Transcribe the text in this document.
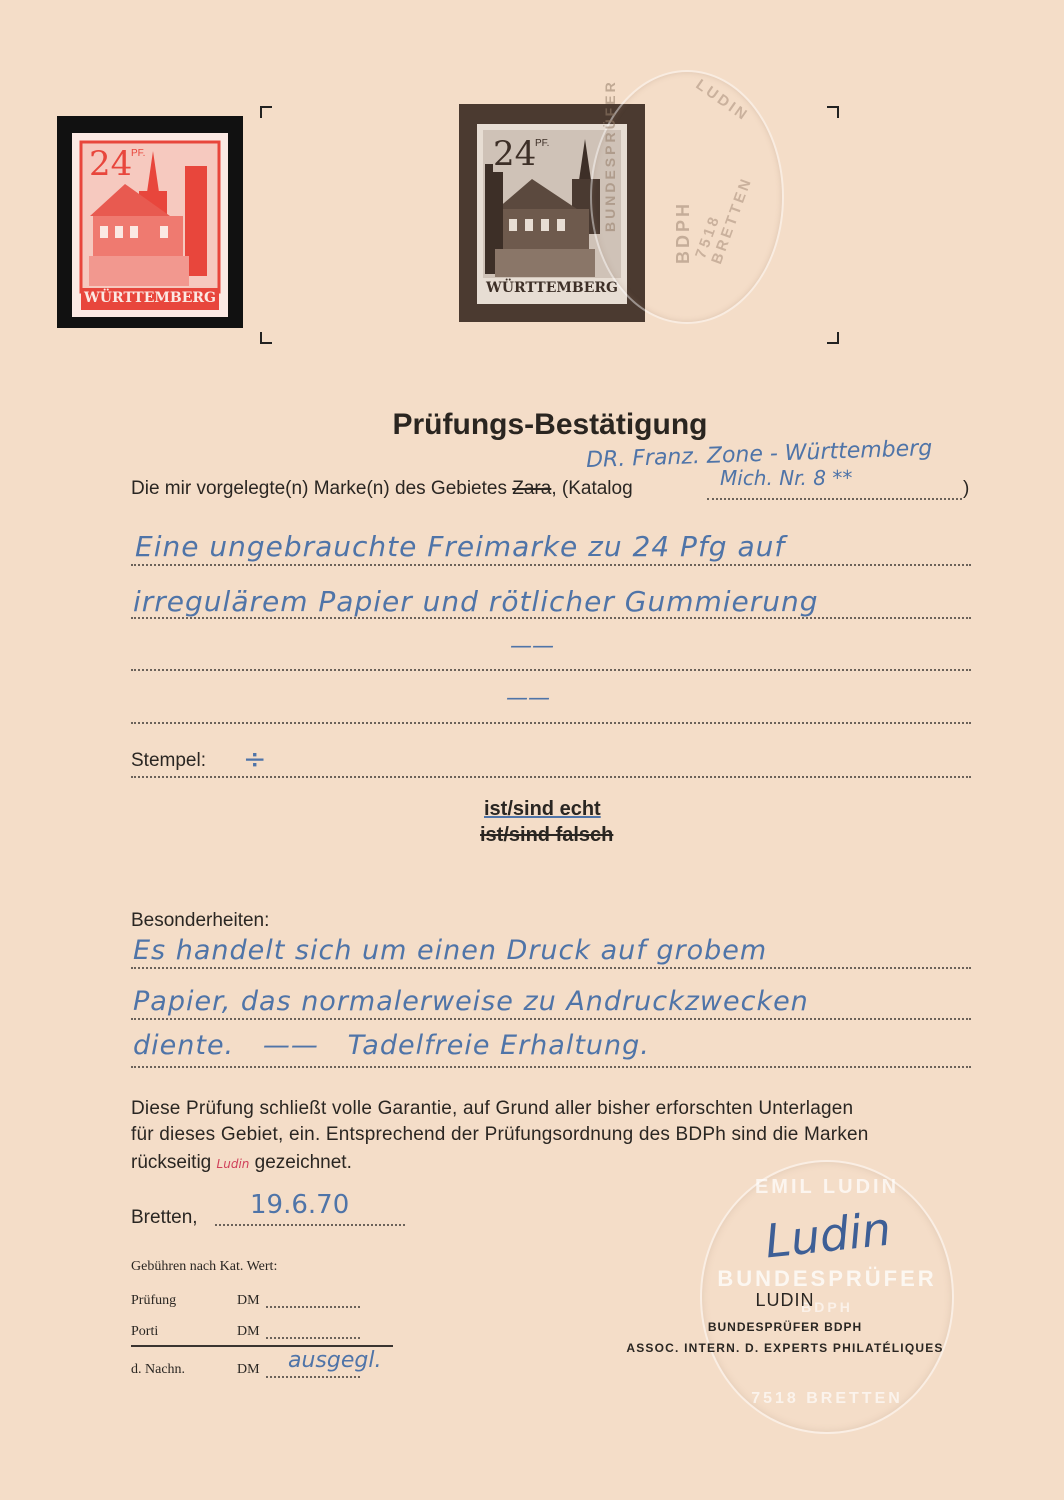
24
PF.
WÜRTTEMBERG
24
PF.
WÜRTTEMBERG
BUNDESPRÜFER
BDPH 7518 BRETTEN
LUDIN
Prüfungs-Bestätigung
DR. Franz. Zone - Württemberg
Die mir vorgelegte(n) Marke(n) des Gebietes Zara, (Katalog	Mich. Nr. 8 **	)
Eine ungebrauchte Freimarke zu 24 Pfg auf
irregulärem Papier und rötlicher Gummierung
——
——
Stempel: ÷
ist/sind echt
ist/sind falsch
Besonderheiten:
Es handelt sich um einen Druck auf grobem
Papier, das normalerweise zu Andruckzwecken
diente.   ——   Tadelfreie Erhaltung.
Diese Prüfung schließt volle Garantie, auf Grund aller bisher erforschten Unterlagen
für dieses Gebiet, ein. Entsprechend der Prüfungsordnung des BDPh sind die Marken
rückseitig Ludin gezeichnet.
Bretten, 19.6.70
Gebühren nach Kat. Wert:
Prüfung	DM
Porti	DM
d. Nachn.	DM ausgegl.
EMIL LUDIN
BUNDESPRÜFER
BDPH
7518 BRETTEN
Ludin
LUDIN
BUNDESPRÜFER BDPH
ASSOC. INTERN. D. EXPERTS PHILATÉLIQUES
